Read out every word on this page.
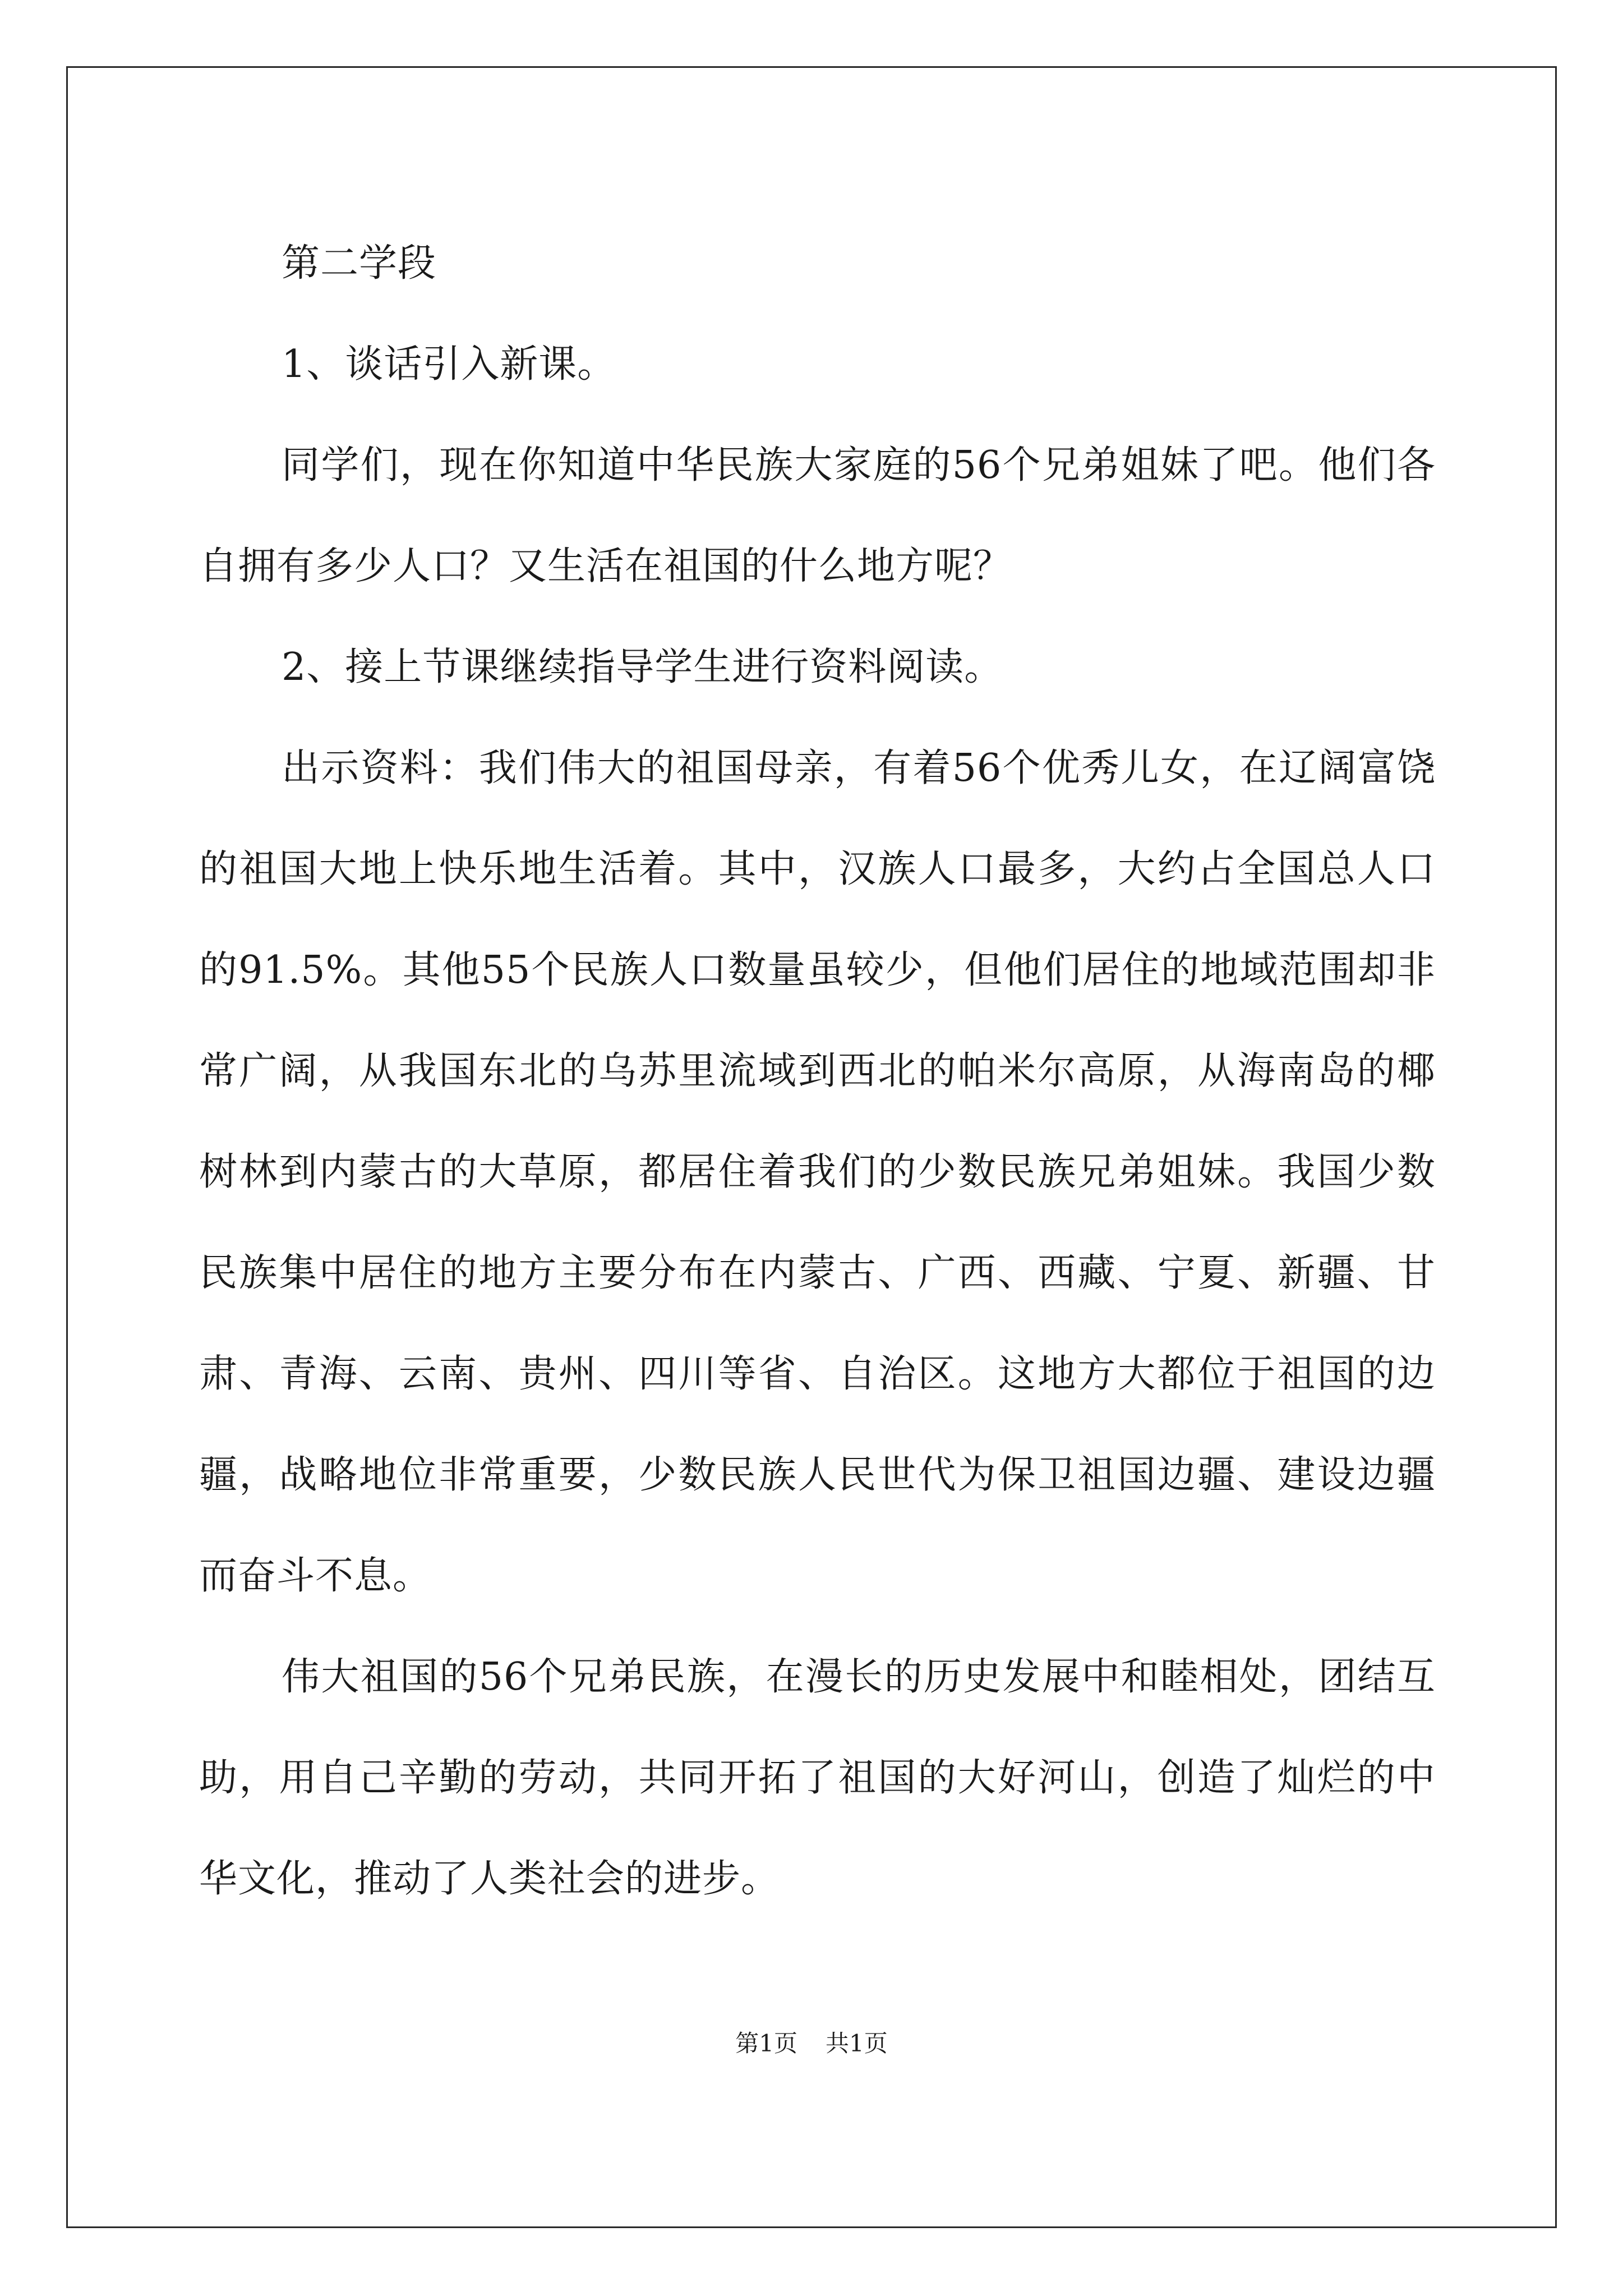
第二学段

1、谈话引入新课。

同学们，现在你知道中华民族大家庭的56个兄弟姐妹了吧。他们各自拥有多少人口？又生活在祖国的什么地方呢？

2、接上节课继续指导学生进行资料阅读。

出示资料：我们伟大的祖国母亲，有着56个优秀儿女，在辽阔富饶的祖国大地上快乐地生活着。其中，汉族人口最多，大约占全国总人口的91.5%。其他55个民族人口数量虽较少，但他们居住的地域范围却非常广阔，从我国东北的乌苏里流域到西北的帕米尔高原，从海南岛的椰树林到内蒙古的大草原，都居住着我们的少数民族兄弟姐妹。我国少数民族集中居住的地方主要分布在内蒙古、广西、西藏、宁夏、新疆、甘肃、青海、云南、贵州、四川等省、自治区。这地方大都位于祖国的边疆，战略地位非常重要，少数民族人民世代为保卫祖国边疆、建设边疆而奋斗不息。

伟大祖国的56个兄弟民族，在漫长的历史发展中和睦相处，团结互助，用自己辛勤的劳动，共同开拓了祖国的大好河山，创造了灿烂的中华文化，推动了人类社会的进步。

第1页 共1页
